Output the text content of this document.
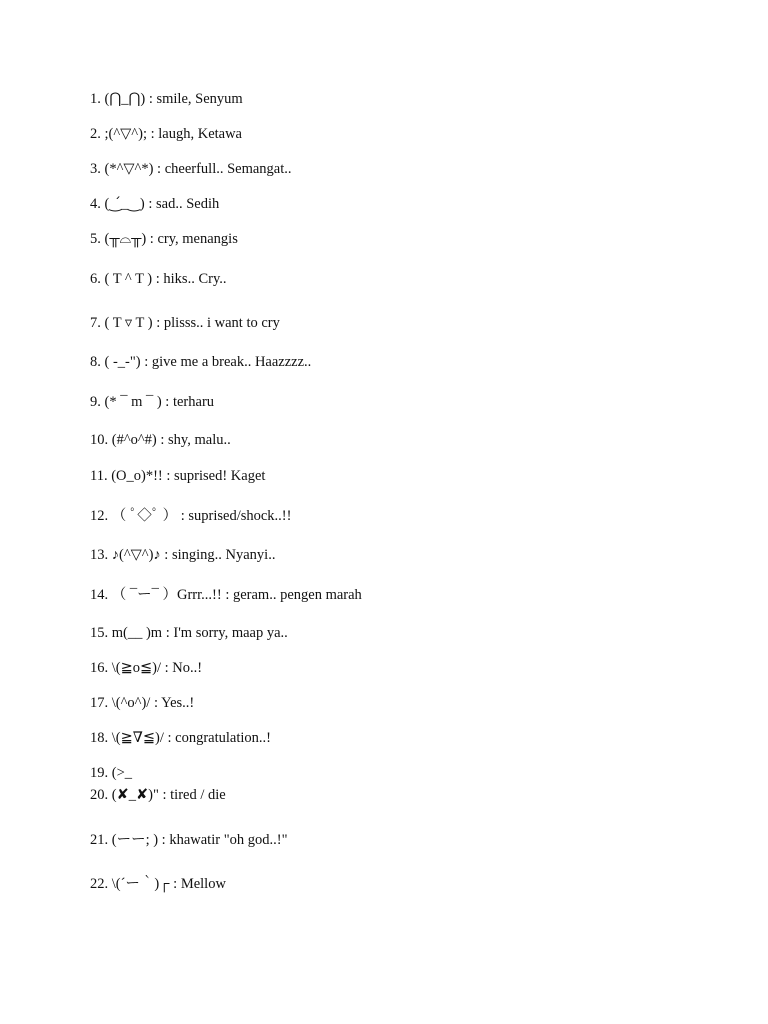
1. (⋂_⋂) : smile, Senyum
2. ;(^▽^); : laugh, Ketawa
3. (*^▽^*) : cheerfull.. Semangat..
4. (‿́_‿) : sad.. Sedih
5. (╥⌓╥) : cry, menangis
6. ( T ^ T ) : hiks.. Cry..
7. ( T ▿ T ) : plisss.. i want to cry
8. ( -_-") : give me a break.. Haazzzz..
9. (* ¯ m ¯ ) : terharu
10. (#^o^#) : shy, malu..
11. (O_o)*!! : suprised! Kaget
12. （ ﾟ◇ﾟ ） : suprised/shock..!!
13. ♪(^▽^)♪ : singing.. Nyanyi..
14. （ ¯ー¯ ）Grrr...!! : geram.. pengen marah
15. m(__ )m : I'm sorry, maap ya..
16. \(≧o≦)/ : No..!
17. \(^o^)/ : Yes..!
18. \(≧∇≦)/ : congratulation..!
19. (>_
20. (✘_✘)" : tired / die
21. (ーー; ) : khawatir "oh god..!"
22. \(´ー｀)┌ : Mellow
